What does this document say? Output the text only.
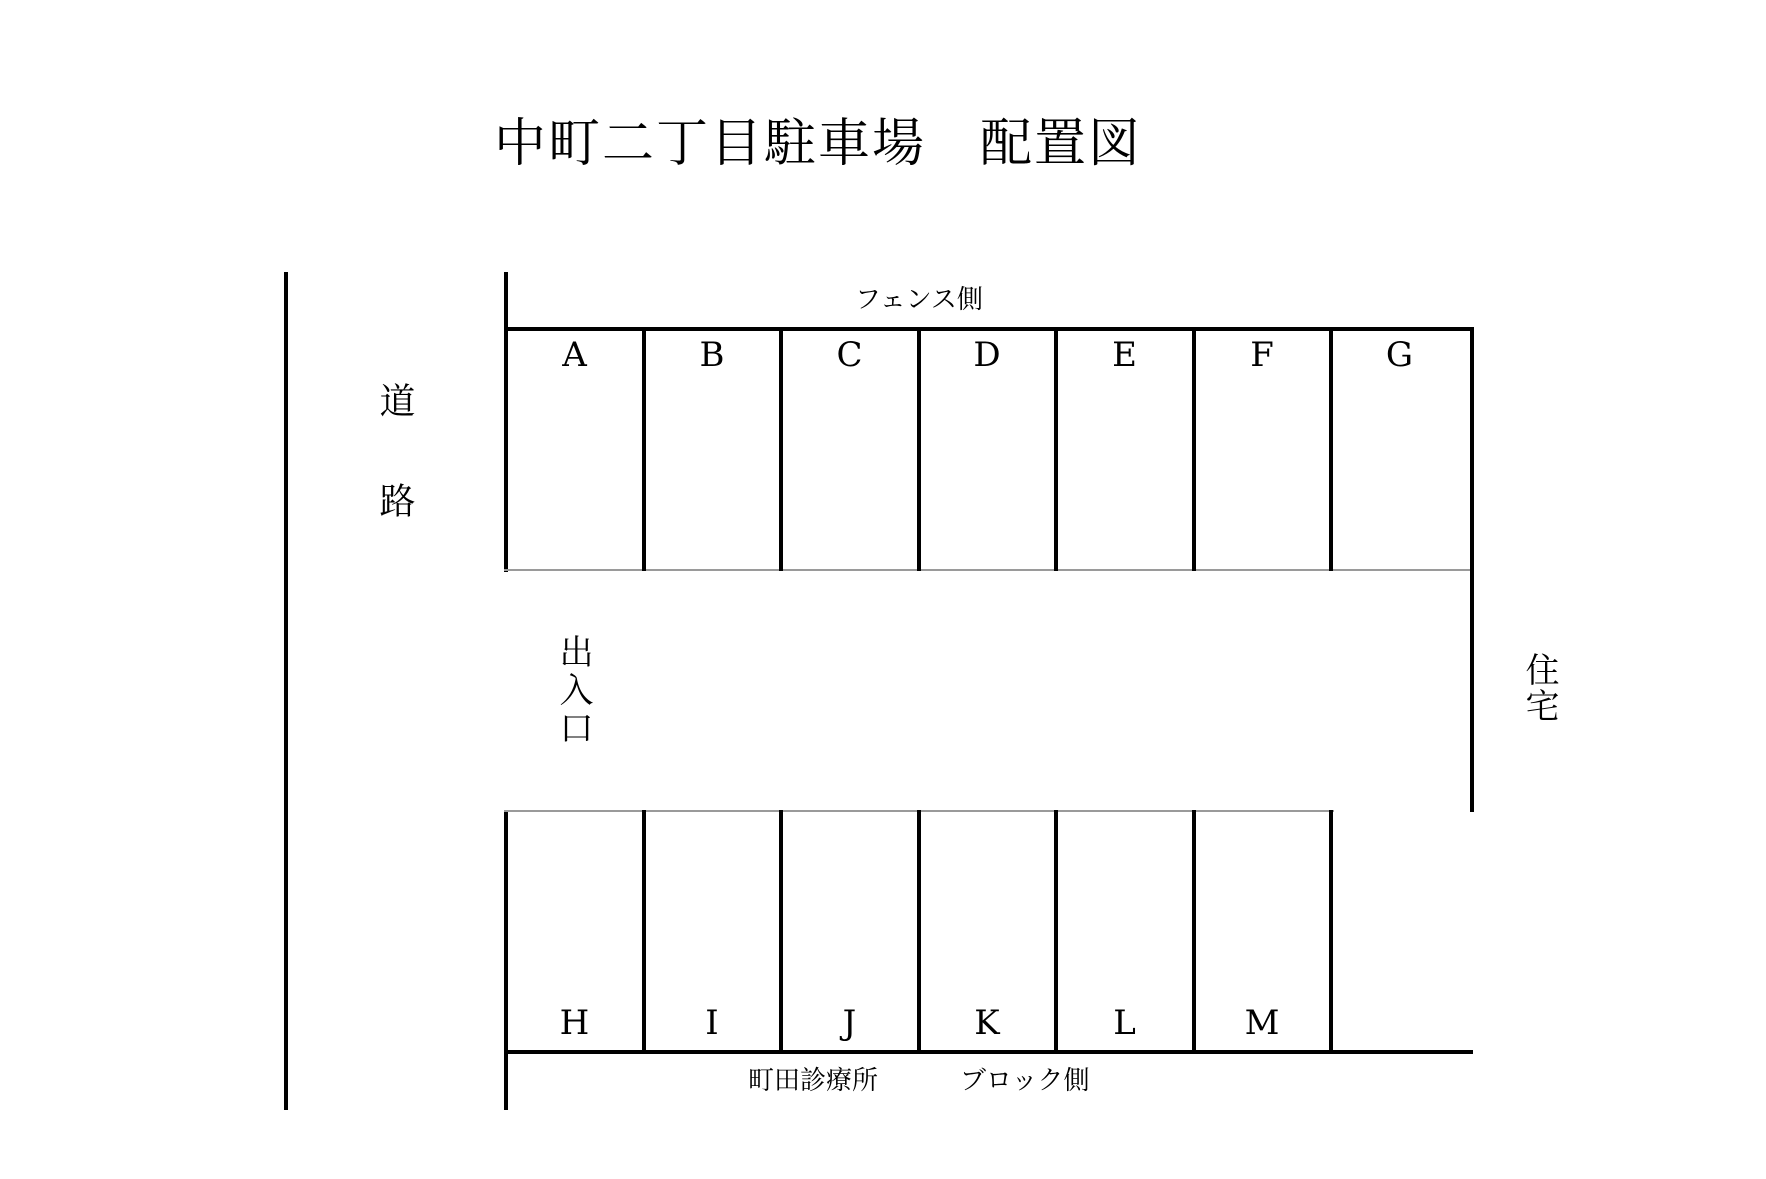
中町二丁目駐車場　配置図
道　路
フェンス側
A	B	C	D	E	F	G
出入口	住宅
H	I	J	K	L	M
町田診療所	ブロック側
